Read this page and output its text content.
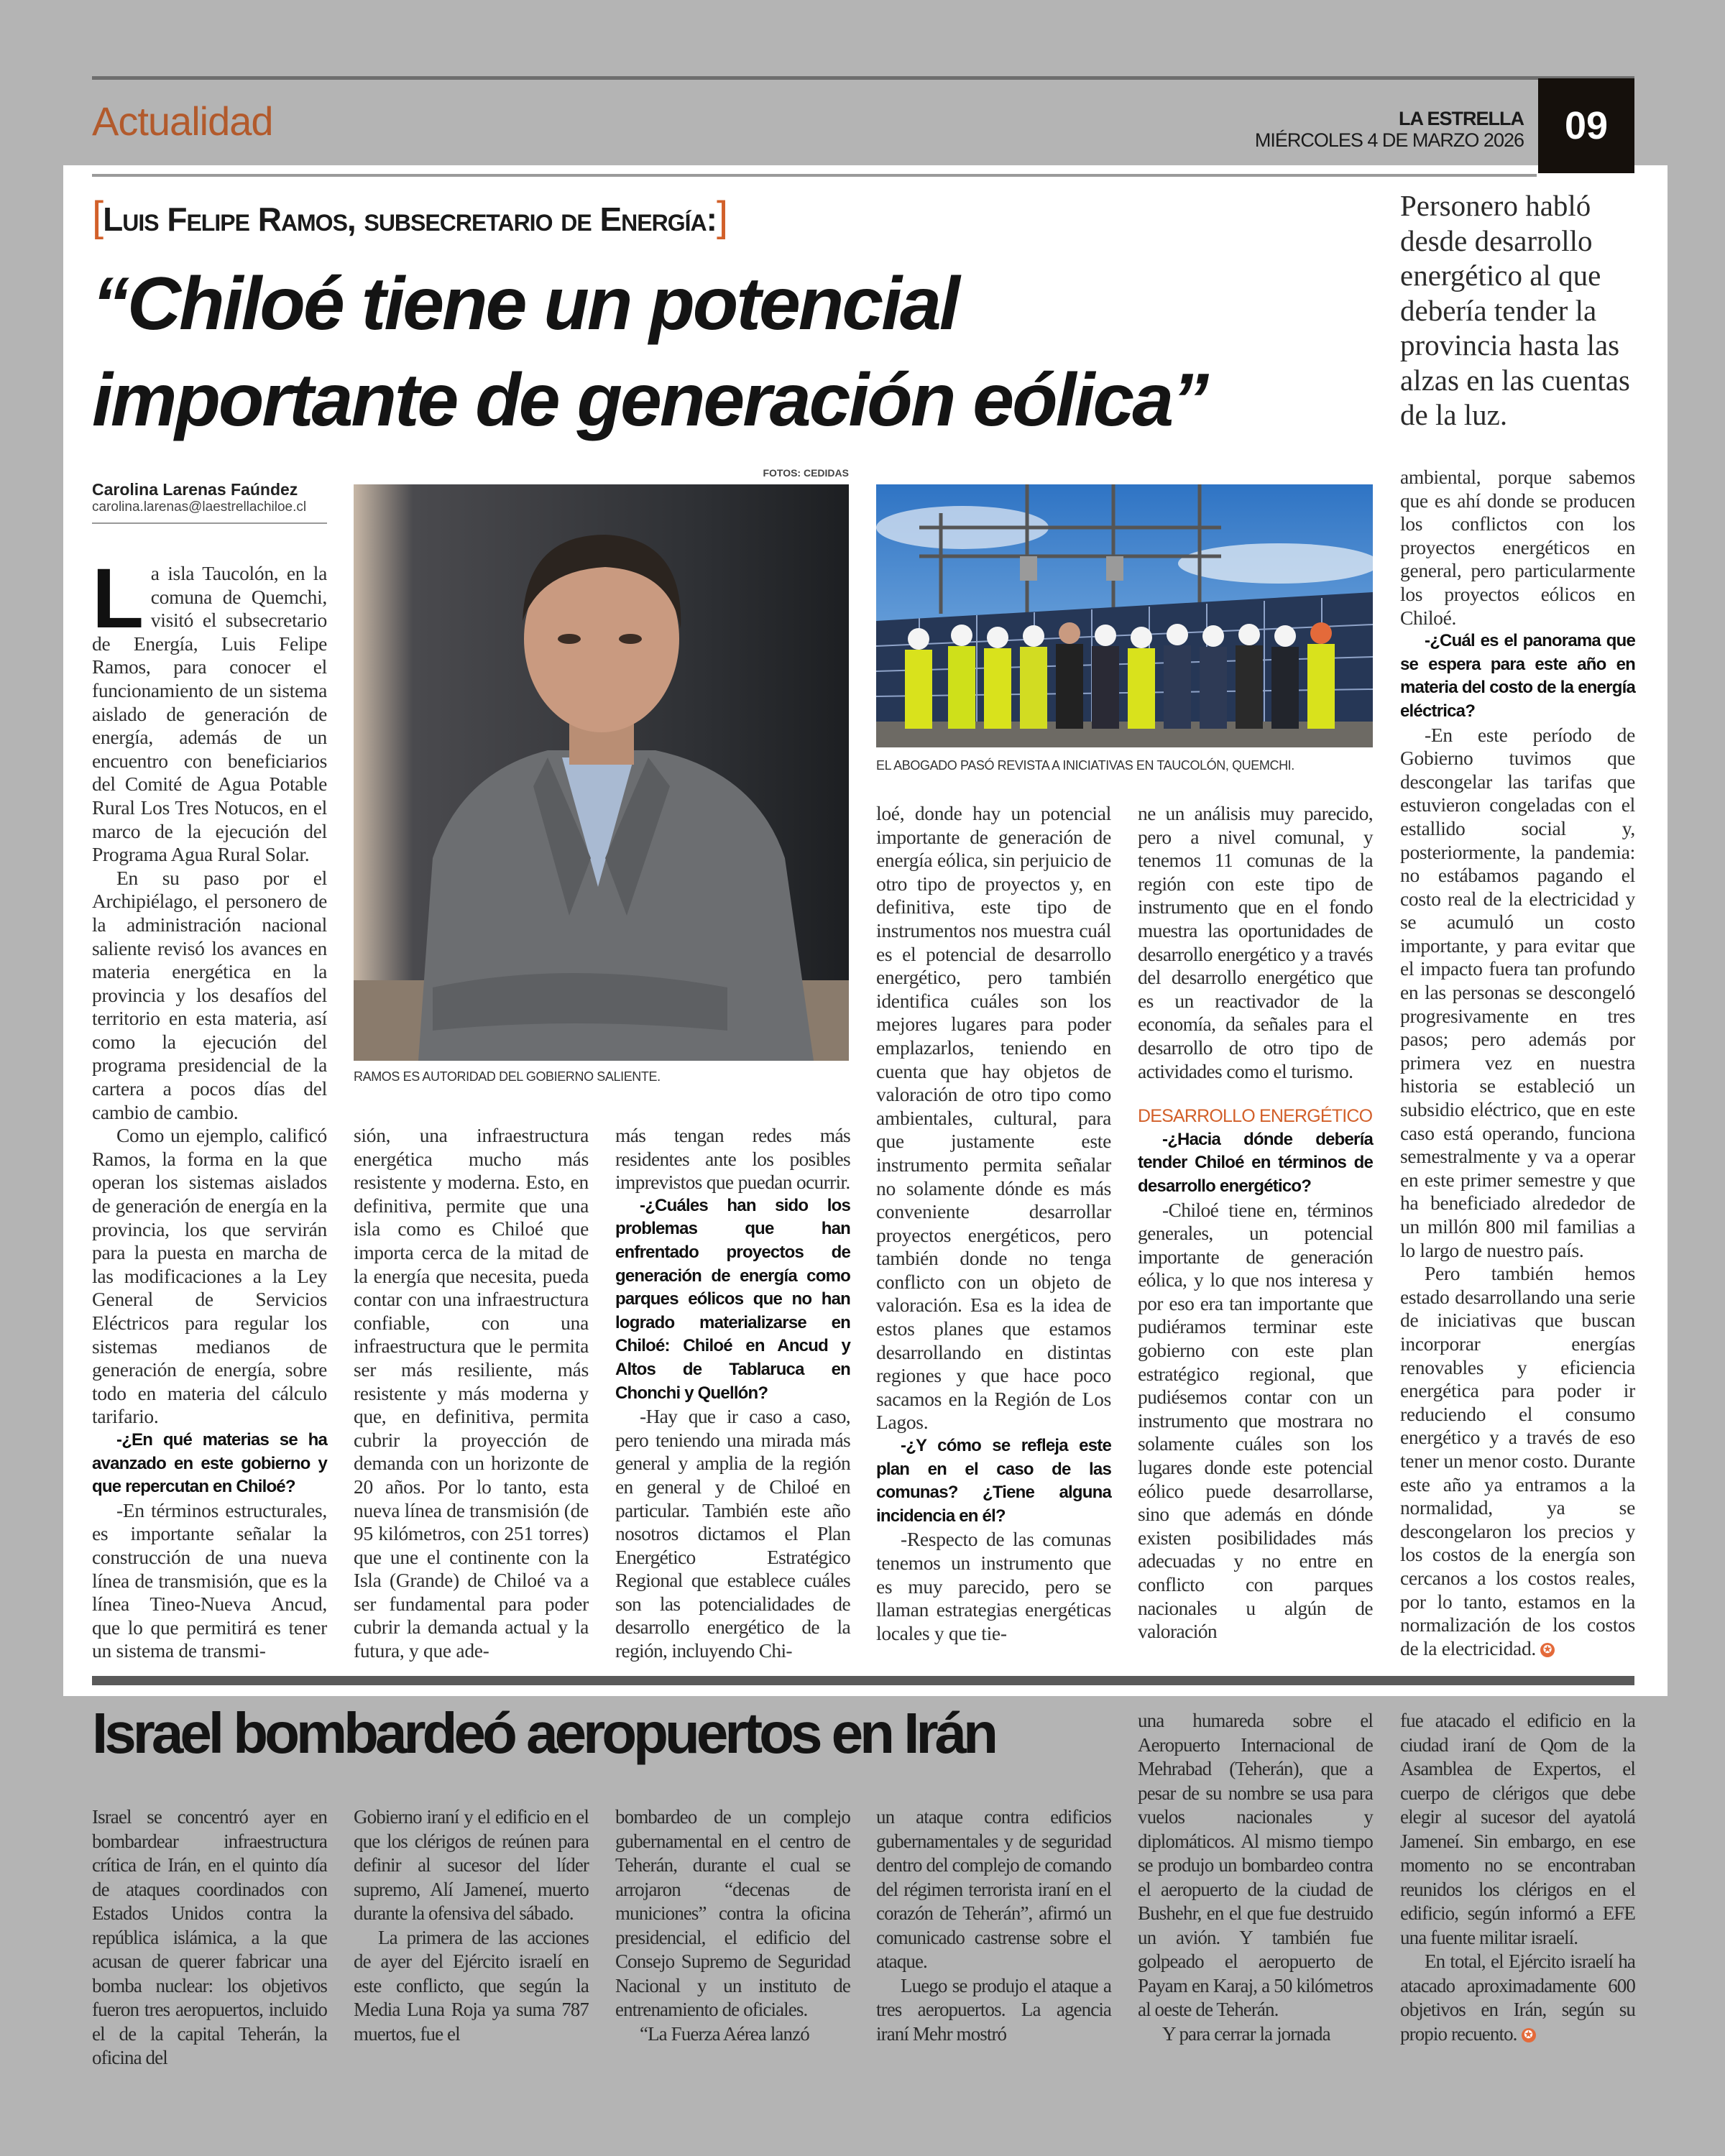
Actualidad	LA ESTRELLA
MIÉRCOLES 4 DE MARZO 2026	09
[Luis Felipe Ramos, subsecretario de Energía:]
“Chiloé tiene un potencial
importante de generación eólica”
Personero habló desde desarrollo energético al que debería tender la provincia hasta las alzas en las cuentas de la luz.
Carolina Larenas Faúndez
carolina.larenas@laestrellachiloe.cl
FOTOS: CEDIDAS
RAMOS ES AUTORIDAD DEL GOBIERNO SALIENTE.
EL ABOGADO PASÓ REVISTA A INICIATIVAS EN TAUCOLÓN, QUEMCHI.

La isla Taucolón, en la comuna de Quemchi, visitó el subsecretario de Energía, Luis Felipe Ramos, para conocer el funcionamiento de un sistema aislado de generación de energía, además de un encuentro con beneficiarios del Comité de Agua Potable Rural Los Tres Notucos, en el marco de la ejecución del Programa Agua Rural Solar.

En su paso por el Archipiélago, el personero de la administración nacional saliente revisó los avances en materia energética en la provincia y los desafíos del territorio en esta materia, así como la ejecución del programa presidencial de la cartera a pocos días del cambio de cambio.

Como un ejemplo, calificó Ramos, la forma en la que operan los sistemas aislados de generación de energía en la provincia, los que servirán para la puesta en marcha de las modificaciones a la Ley General de Servicios Eléctricos para regular los sistemas medianos de generación de energía, sobre todo en materia del cálculo tarifario.

-¿En qué materias se ha avanzado en este gobierno y que repercutan en Chiloé?

-En términos estructurales, es importante señalar la construcción de una nueva línea de transmisión, que es la línea Tineo-Nueva Ancud, que lo que permitirá es tener un sistema de transmi-

sión, una infraestructura energética mucho más resistente y moderna. Esto, en definitiva, permite que una isla como es Chiloé que importa cerca de la mitad de la energía que necesita, pueda contar con una infraestructura confiable, con una infraestructura que le permita ser más resiliente, más resistente y más moderna y que, en definitiva, permita cubrir la proyección de demanda con un horizonte de 20 años. Por lo tanto, esta nueva línea de transmisión (de 95 kilómetros, con 251 torres) que une el continente con la Isla (Grande) de Chiloé va a ser fundamental para poder cubrir la demanda actual y la futura, y que ade-

más tengan redes más residentes ante los posibles imprevistos que puedan ocurrir.

-¿Cuáles han sido los problemas que han enfrentado proyectos de generación de energía como parques eólicos que no han logrado materializarse en Chiloé: Chiloé en Ancud y Altos de Tablaruca en Chonchi y Quellón?

-Hay que ir caso a caso, pero teniendo una mirada más general y amplia de la región en general y de Chiloé en particular. También este año nosotros dictamos el Plan Energético Estratégico Regional que establece cuáles son las potencialidades de desarrollo energético de la región, incluyendo Chi-

loé, donde hay un potencial importante de generación de energía eólica, sin perjuicio de otro tipo de proyectos y, en definitiva, este tipo de instrumentos nos muestra cuál es el potencial de desarrollo energético, pero también identifica cuáles son los mejores lugares para poder emplazarlos, teniendo en cuenta que hay objetos de valoración de otro tipo como ambientales, cultural, para que justamente este instrumento permita señalar no solamente dónde es más conveniente desarrollar proyectos energéticos, pero también donde no tenga conflicto con un objeto de valoración. Esa es la idea de estos planes que estamos desarrollando en distintas regiones y que hace poco sacamos en la Región de Los Lagos.

-¿Y cómo se refleja este plan en el caso de las comunas? ¿Tiene alguna incidencia en él?

-Respecto de las comunas tenemos un instrumento que es muy parecido, pero se llaman estrategias energéticas locales y que tie-

ne un análisis muy parecido, pero a nivel comunal, y tenemos 11 comunas de la región con este tipo de instrumento que en el fondo muestra las oportunidades de desarrollo energético y a través del desarrollo energético que es un reactivador de la economía, da señales para el desarrollo de otro tipo de actividades como el turismo.

DESARROLLO ENERGÉTICO

-¿Hacia dónde debería tender Chiloé en términos de desarrollo energético?

-Chiloé tiene en, términos generales, un potencial importante de generación eólica, y lo que nos interesa y por eso era tan importante que pudiéramos terminar este gobierno con este plan estratégico regional, que pudiésemos contar con un instrumento que mostrara no solamente cuáles son los lugares donde este potencial eólico puede desarrollarse, sino que además en dónde existen posibilidades más adecuadas y no entre en conflicto con parques nacionales u algún de valoración

ambiental, porque sabemos que es ahí donde se producen los conflictos con los proyectos energéticos en general, pero particularmente los proyectos eólicos en Chiloé.

-¿Cuál es el panorama que se espera para este año en materia del costo de la energía eléctrica?

-En este período de Gobierno tuvimos que descongelar las tarifas que estuvieron congeladas con el estallido social y, posteriormente, la pandemia: no estábamos pagando el costo real de la electricidad y se acumuló un costo importante, y para evitar que el impacto fuera tan profundo en las personas se descongeló progresivamente en tres pasos; pero además por primera vez en nuestra historia se estableció un subsidio eléctrico, que en este caso está operando, funciona semestralmente y va a operar en este primer semestre y que ha beneficiado alrededor de un millón 800 mil familias a lo largo de nuestro país.

Pero también hemos estado desarrollando una serie de iniciativas que buscan incorporar energías renovables y eficiencia energética para poder ir reduciendo el consumo energético y a través de eso tener un menor costo. Durante este año ya entramos a la normalidad, ya se descongelaron los precios y los costos de la energía son cercanos a los costos reales, por lo tanto, estamos en la normalización de los costos de la electricidad. ✪

Israel bombardeó aeropuertos en Irán

Israel se concentró ayer en bombardear infraestructura crítica de Irán, en el quinto día de ataques coordinados con Estados Unidos contra la república islámica, a la que acusan de querer fabricar una bomba nuclear: los objetivos fueron tres aeropuertos, incluido el de la capital Teherán, la oficina del

Gobierno iraní y el edificio en el que los clérigos de reúnen para definir al sucesor del líder supremo, Alí Jameneí, muerto durante la ofensiva del sábado.

La primera de las acciones de ayer del Ejército israelí en este conflicto, que según la Media Luna Roja ya suma 787 muertos, fue el

bombardeo de un complejo gubernamental en el centro de Teherán, durante el cual se arrojaron “decenas de municiones” contra la oficina presidencial, el edificio del Consejo Supremo de Seguridad Nacional y un instituto de entrenamiento de oficiales.

“La Fuerza Aérea lanzó

un ataque contra edificios gubernamentales y de seguridad dentro del complejo de comando del régimen terrorista iraní en el corazón de Teherán”, afirmó un comunicado castrense sobre el ataque.

Luego se produjo el ataque a tres aeropuertos. La agencia iraní Mehr mostró

una humareda sobre el Aeropuerto Internacional de Mehrabad (Teherán), que a pesar de su nombre se usa para vuelos nacionales y diplomáticos. Al mismo tiempo se produjo un bombardeo contra el aeropuerto de la ciudad de Bushehr, en el que fue destruido un avión. Y también fue golpeado el aeropuerto de Payam en Karaj, a 50 kilómetros al oeste de Teherán.

Y para cerrar la jornada

fue atacado el edificio en la ciudad iraní de Qom de la Asamblea de Expertos, el cuerpo de clérigos que debe elegir al sucesor del ayatolá Jameneí. Sin embargo, en ese momento no se encontraban reunidos los clérigos en el edificio, según informó a EFE una fuente militar israelí.

En total, el Ejército israelí ha atacado aproximadamente 600 objetivos en Irán, según su propio recuento. ✪
